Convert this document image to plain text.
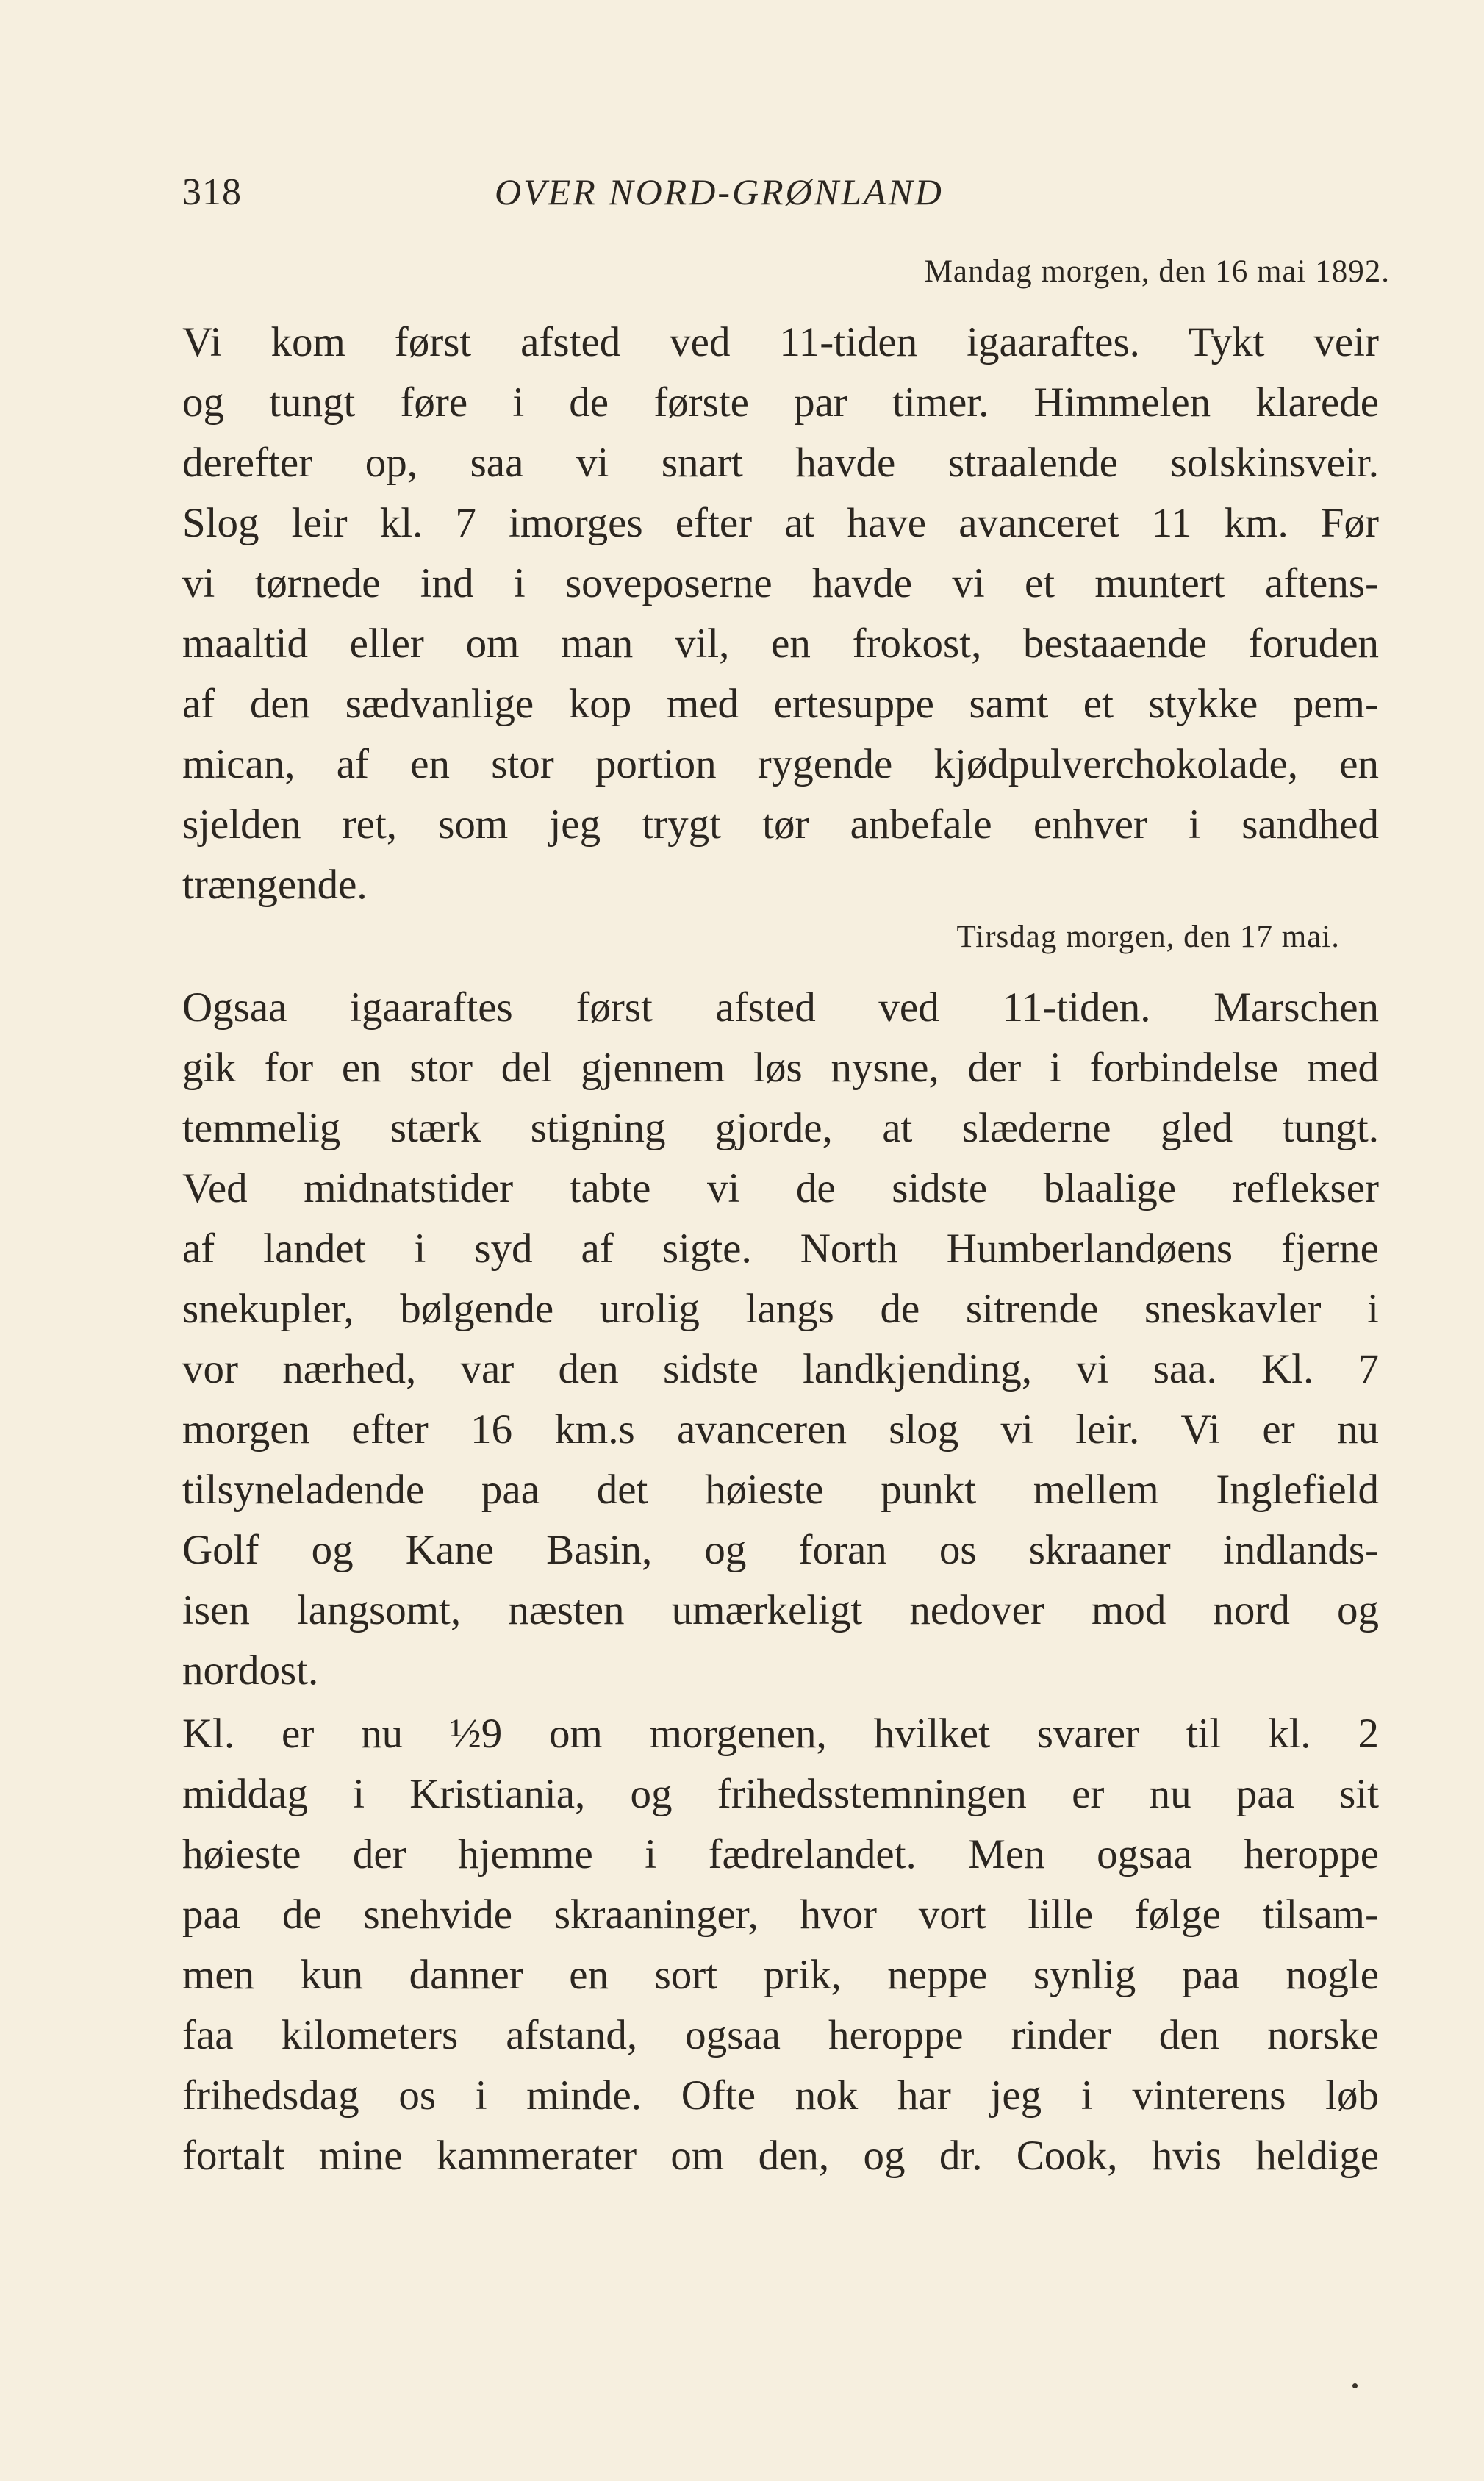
318	OVER NORD-GRØNLAND
Mandag morgen, den 16 mai 1892.
Vi kom først afsted ved 11-tiden igaaraftes. Tykt veir
og tungt føre i de første par timer. Himmelen klarede
derefter op, saa vi snart havde straalende solskinsveir.
Slog leir kl. 7 imorges efter at have avanceret 11 km. Før
vi tørnede ind i soveposerne havde vi et muntert aftens-
maaltid eller om man vil, en frokost, bestaaende foruden
af den sædvanlige kop med ertesuppe samt et stykke pem-
mican, af en stor portion rygende kjødpulverchokolade, en
sjelden ret, som jeg trygt tør anbefale enhver i sandhed
trængende.
Tirsdag morgen, den 17 mai.
Ogsaa igaaraftes først afsted ved 11-tiden. Marschen
gik for en stor del gjennem løs nysne, der i forbindelse med
temmelig stærk stigning gjorde, at slæderne gled tungt.
Ved midnatstider tabte vi de sidste blaalige reflekser
af landet i syd af sigte. North Humberlandøens fjerne
snekupler, bølgende urolig langs de sitrende sneskavler i
vor nærhed, var den sidste landkjending, vi saa. Kl. 7
morgen efter 16 km.s avanceren slog vi leir. Vi er nu
tilsyneladende paa det høieste punkt mellem Inglefield
Golf og Kane Basin, og foran os skraaner indlands-
isen langsomt, næsten umærkeligt nedover mod nord og
nordost.
Kl. er nu ½9 om morgenen, hvilket svarer til kl. 2
middag i Kristiania, og frihedsstemningen er nu paa sit
høieste der hjemme i fædrelandet. Men ogsaa heroppe
paa de snehvide skraaninger, hvor vort lille følge tilsam-
men kun danner en sort prik, neppe synlig paa nogle
faa kilometers afstand, ogsaa heroppe rinder den norske
frihedsdag os i minde. Ofte nok har jeg i vinterens løb
fortalt mine kammerater om den, og dr. Cook, hvis heldige
